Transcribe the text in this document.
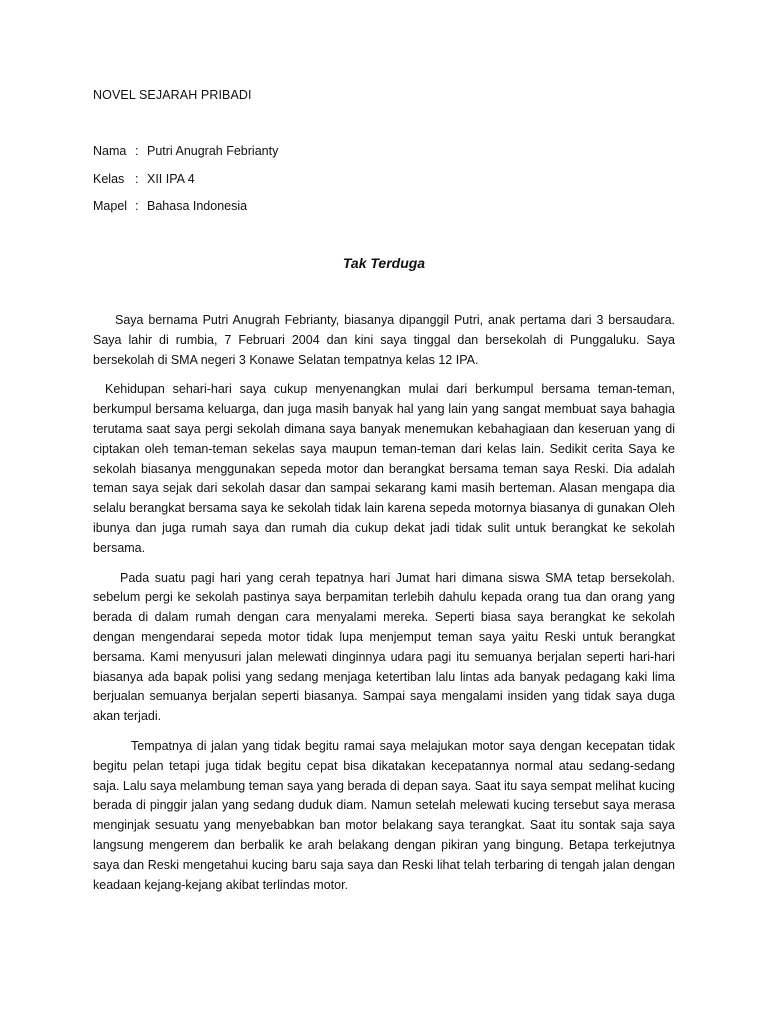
NOVEL SEJARAH PRIBADI
Nama : Putri Anugrah Febrianty
Kelas : XII IPA 4
Mapel : Bahasa Indonesia
Tak Terduga

Saya bernama Putri Anugrah Febrianty, biasanya dipanggil Putri, anak pertama dari 3 bersaudara. Saya lahir di rumbia, 7 Februari 2004 dan kini saya tinggal dan bersekolah di Punggaluku. Saya bersekolah di SMA negeri 3 Konawe Selatan tempatnya kelas 12 IPA.

Kehidupan sehari-hari saya cukup menyenangkan mulai dari berkumpul bersama teman-teman, berkumpul bersama keluarga, dan juga masih banyak hal yang lain yang sangat membuat saya bahagia terutama saat saya pergi sekolah dimana saya banyak menemukan kebahagiaan dan keseruan yang di ciptakan oleh teman-teman sekelas saya maupun teman-teman dari kelas lain. Sedikit cerita Saya ke sekolah biasanya menggunakan sepeda motor dan berangkat bersama teman saya Reski. Dia adalah teman saya sejak dari sekolah dasar dan sampai sekarang kami masih berteman. Alasan mengapa dia selalu berangkat bersama saya ke sekolah tidak lain karena sepeda motornya biasanya di gunakan Oleh ibunya dan juga rumah saya dan rumah dia cukup dekat jadi tidak sulit untuk berangkat ke sekolah bersama.

Pada suatu pagi hari yang cerah tepatnya hari Jumat hari dimana siswa SMA tetap bersekolah. sebelum pergi ke sekolah pastinya saya berpamitan terlebih dahulu kepada orang tua dan orang yang berada di dalam rumah dengan cara menyalami mereka. Seperti biasa saya berangkat ke sekolah dengan mengendarai sepeda motor tidak lupa menjemput teman saya yaitu Reski untuk berangkat bersama. Kami menyusuri jalan melewati dinginnya udara pagi itu semuanya berjalan seperti hari-hari biasanya ada bapak polisi yang sedang menjaga ketertiban lalu lintas ada banyak pedagang kaki lima berjualan semuanya berjalan seperti biasanya. Sampai saya mengalami insiden yang tidak saya duga akan terjadi.

Tempatnya di jalan yang tidak begitu ramai saya melajukan motor saya dengan kecepatan tidak begitu pelan tetapi juga tidak begitu cepat bisa dikatakan kecepatannya normal atau sedang-sedang saja. Lalu saya melambung teman saya yang berada di depan saya. Saat itu saya sempat melihat kucing berada di pinggir jalan yang sedang duduk diam. Namun setelah melewati kucing tersebut saya merasa menginjak sesuatu yang menyebabkan ban motor belakang saya terangkat. Saat itu sontak saja saya langsung mengerem dan berbalik ke arah belakang dengan pikiran yang bingung. Betapa terkejutnya saya dan Reski mengetahui kucing baru saja saya dan Reski lihat telah terbaring di tengah jalan dengan keadaan kejang-kejang akibat terlindas motor.
